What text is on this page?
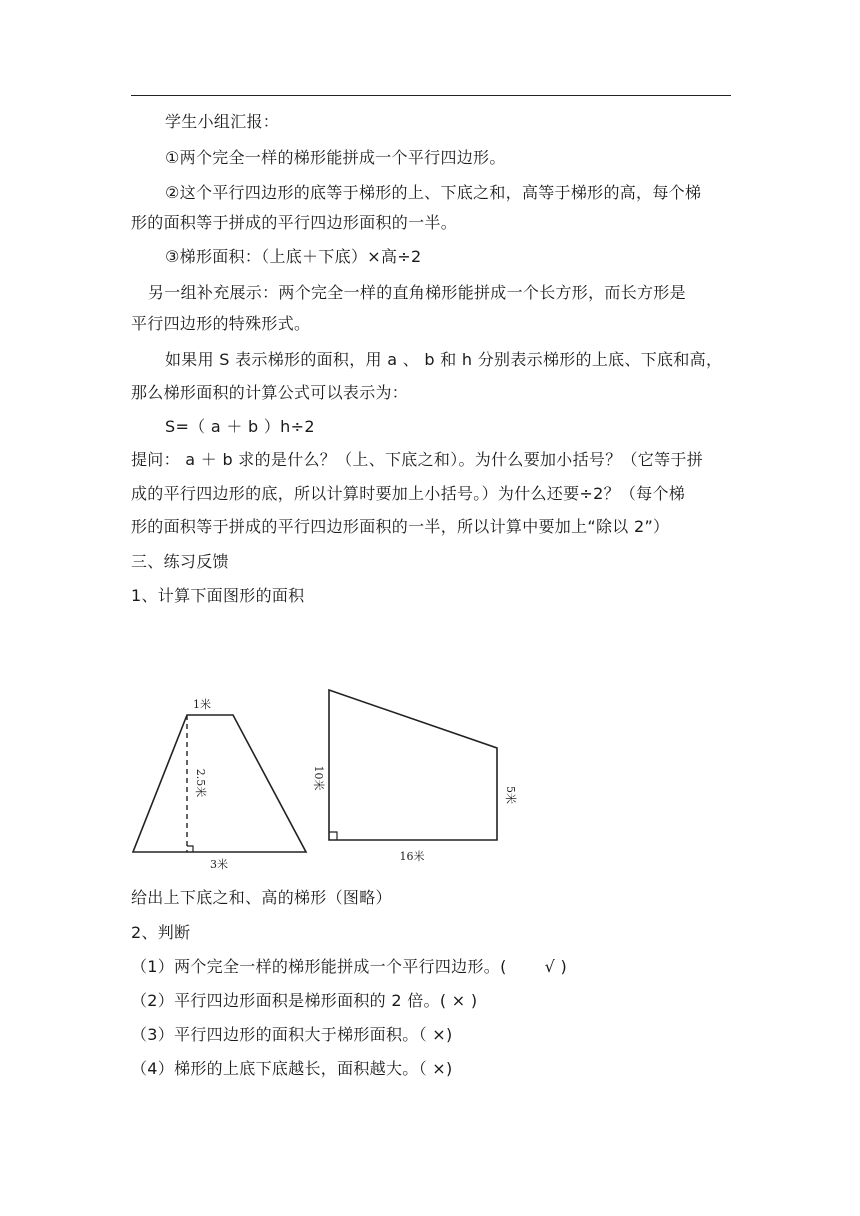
学生小组汇报：
①两个完全一样的梯形能拼成一个平行四边形。
②这个平行四边形的底等于梯形的上、下底之和，高等于梯形的高，每个梯
形的面积等于拼成的平行四边形面积的一半。
③梯形面积：（上底＋下底）×高÷2
另一组补充展示：两个完全一样的直角梯形能拼成一个长方形，而长方形是
平行四边形的特殊形式。
如果用 S 表示梯形的面积，用 a 、 b 和 h 分别表示梯形的上底、下底和高，
那么梯形面积的计算公式可以表示为：
S=（ a ＋ b ）h÷2
提问： a ＋ b 求的是什么？（上、下底之和）。为什么要加小括号？（它等于拼
成的平行四边形的底，所以计算时要加上小括号。）为什么还要÷2？（每个梯
形的面积等于拼成的平行四边形面积的一半，所以计算中要加上“除以 2”）
三、练习反馈
1、计算下面图形的面积
1米
2.5米
3米
10米
5米
16米
给出上下底之和、高的梯形（图略）
2、判断
（1）两个完全一样的梯形能拼成一个平行四边形。(　　 √ )
（2）平行四边形面积是梯形面积的 2 倍。( × )
（3）平行四边形的面积大于梯形面积。（ ×)
（4）梯形的上底下底越长，面积越大。（ ×)
